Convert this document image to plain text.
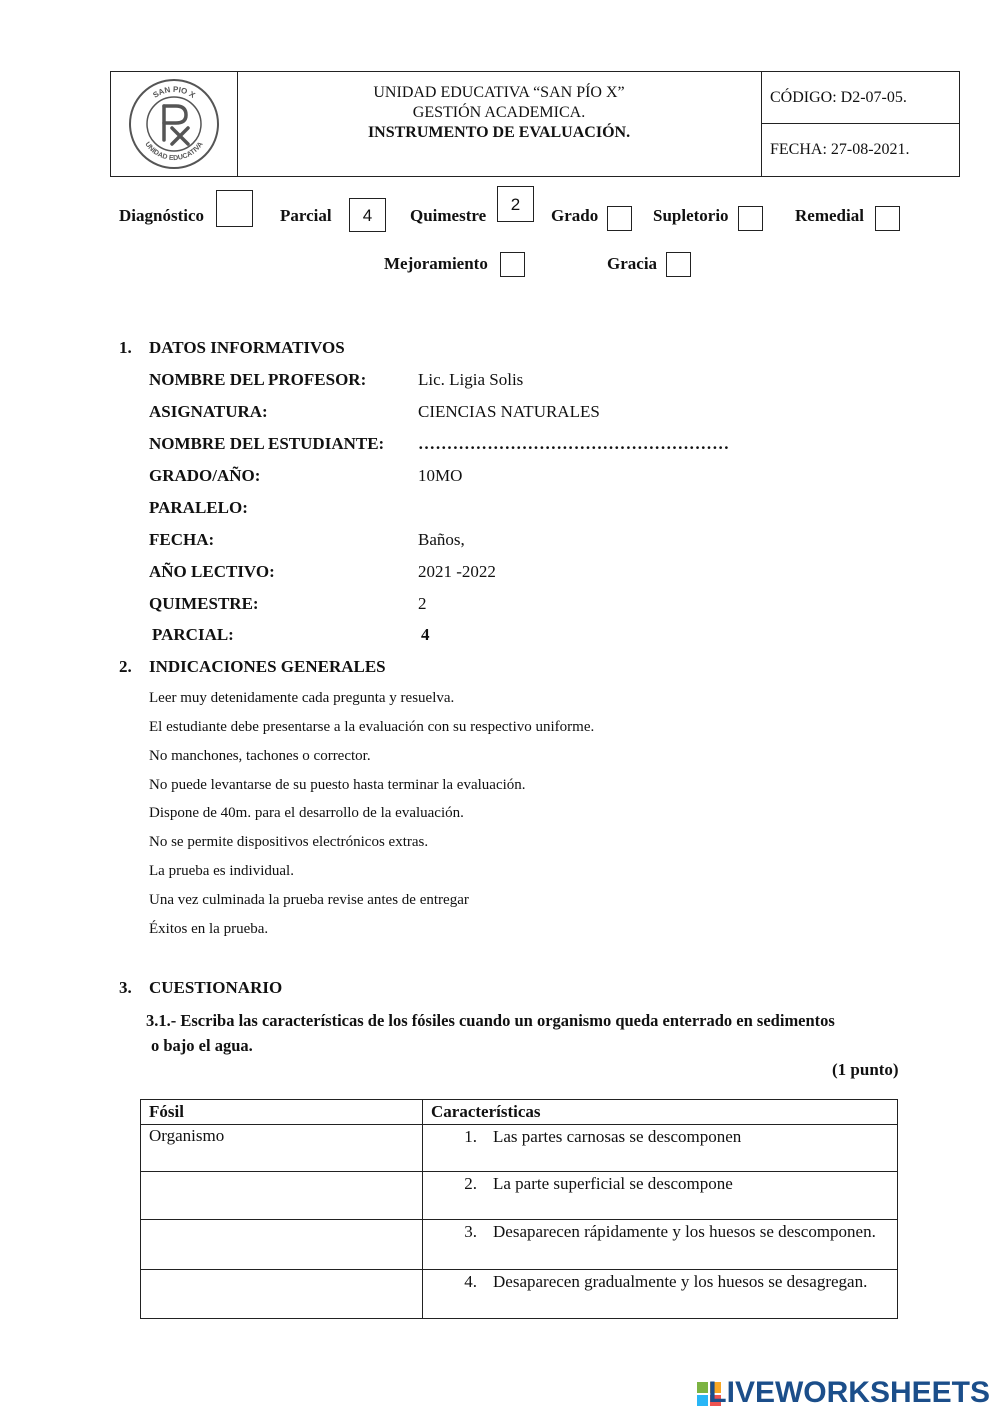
SAN PIO X
UNIDAD EDUCATIVA
UNIDAD EDUCATIVA “SAN PÍO X”
GESTIÓN ACADEMICA.
INSTRUMENTO DE EVALUACIÓN.
CÓDIGO: D2-07-05.
FECHA: 27-08-2021.
Diagnóstico	Parcial	4	Quimestre
2
Grado	Supletorio	Remedial
Mejoramiento	Gracia
1. DATOS INFORMATIVOS
NOMBRE DEL PROFESOR:	Lic. Ligia Solis
ASIGNATURA:	CIENCIAS NATURALES
NOMBRE DEL ESTUDIANTE: ………………………………………………
GRADO/AÑO:	10MO
PARALELO:
FECHA:	Baños,
AÑO LECTIVO:	2021 -2022
QUIMESTRE:	2
PARCIAL:	4
2. INDICACIONES GENERALES
Leer muy detenidamente cada pregunta y resuelva.
El estudiante debe presentarse a la evaluación con su respectivo uniforme.
No manchones, tachones o corrector.
No puede levantarse de su puesto hasta terminar la evaluación.
Dispone de 40m. para el desarrollo de la evaluación.
No se permite dispositivos electrónicos extras.
La prueba es individual.
Una vez culminada la prueba revise antes de entregar
Éxitos en la prueba.
3. CUESTIONARIO
3.1.- Escriba las características de los fósiles cuando un organismo queda enterrado en sedimentos
o bajo el agua.
(1 punto)
Fósil	Características
Organismo	1. Las partes carnosas se descomponen

	2. La parte superficial se descompone

	3. Desaparecen rápidamente y los huesos se descomponen.

	4. Desaparecen gradualmente y los huesos se desagregan.
LIVEWORKSHEETS
